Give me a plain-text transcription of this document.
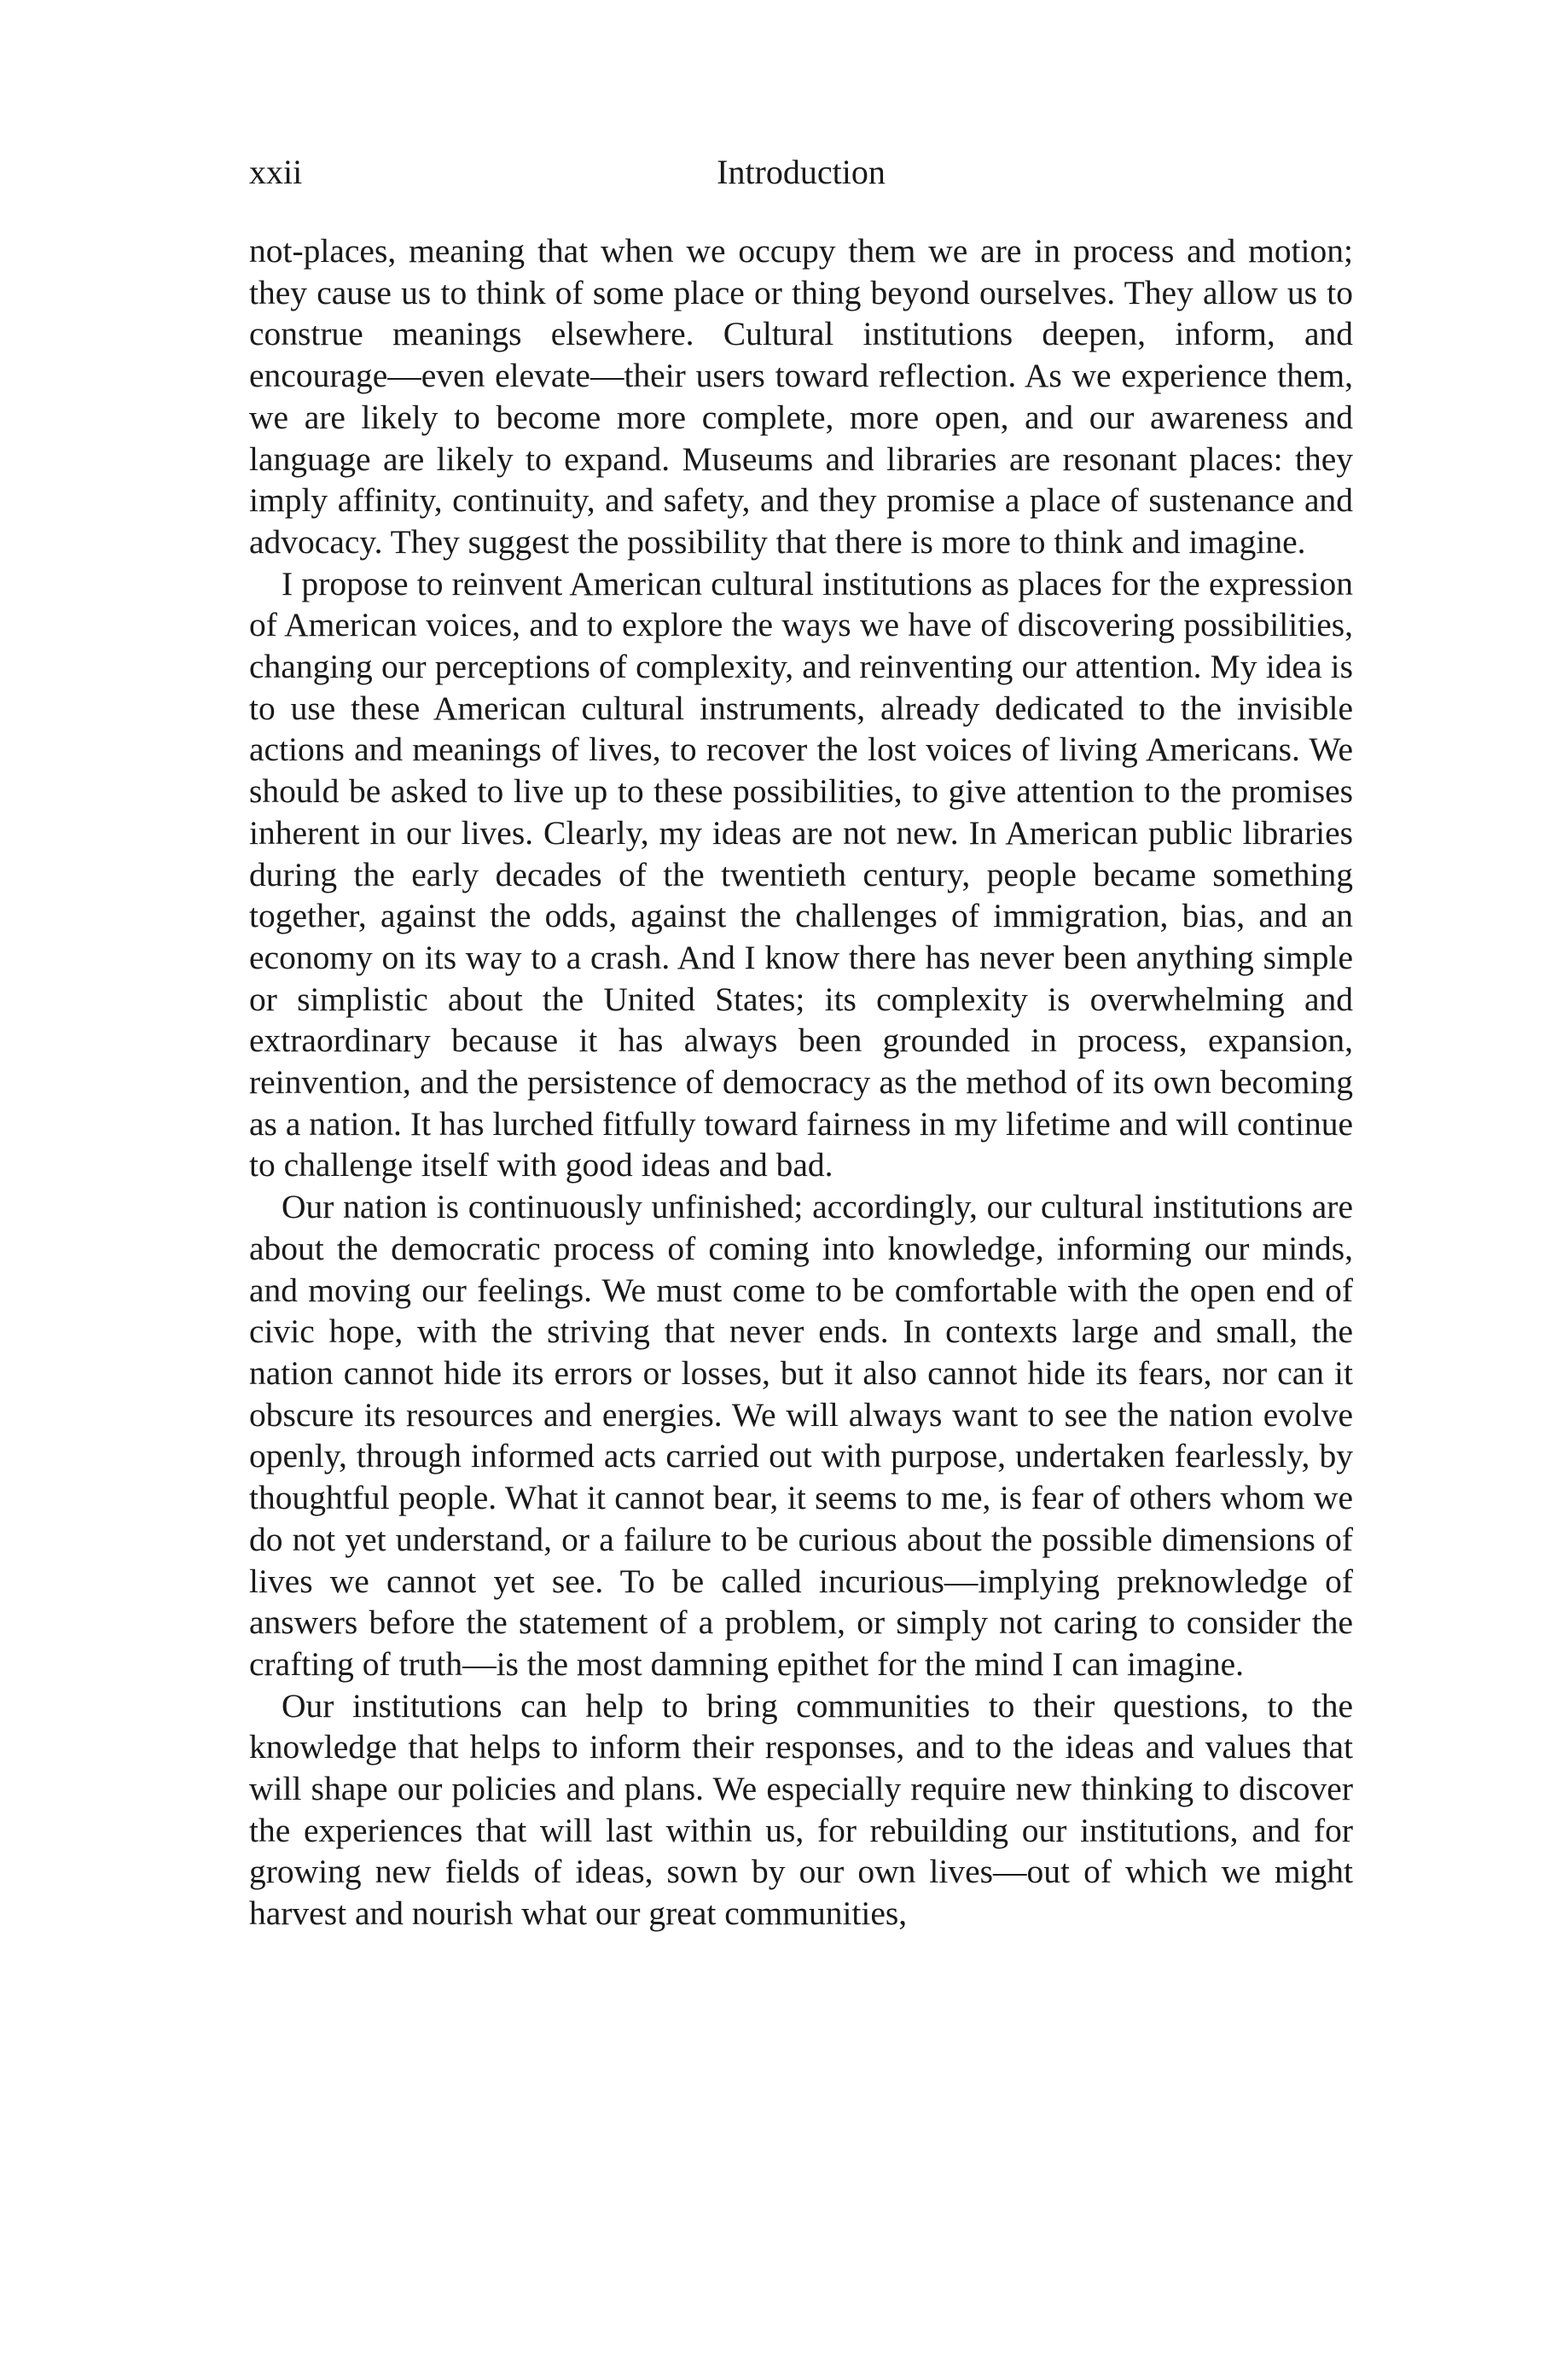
xxii	Introduction

not-places, meaning that when we occupy them we are in process and motion; they cause us to think of some place or thing beyond ourselves. They allow us to construe meanings elsewhere. Cultural institutions deepen, inform, and encourage—even elevate—their users toward reflection. As we experience them, we are likely to become more complete, more open, and our awareness and language are likely to expand. Museums and libraries are resonant places: they imply affinity, continuity, and safety, and they promise a place of sustenance and advocacy. They suggest the possibility that there is more to think and imagine.

I propose to reinvent American cultural institutions as places for the expression of American voices, and to explore the ways we have of discovering possibilities, changing our perceptions of complexity, and reinventing our attention. My idea is to use these American cultural instruments, already dedicated to the invisible actions and meanings of lives, to recover the lost voices of living Americans. We should be asked to live up to these possibilities, to give attention to the promises inherent in our lives. Clearly, my ideas are not new. In American public libraries during the early decades of the twentieth century, people became something together, against the odds, against the challenges of immigration, bias, and an economy on its way to a crash. And I know there has never been anything simple or simplistic about the United States; its complexity is overwhelming and extraordinary because it has always been grounded in process, expansion, reinvention, and the persistence of democracy as the method of its own becoming as a nation. It has lurched fitfully toward fairness in my lifetime and will continue to challenge itself with good ideas and bad.

Our nation is continuously unfinished; accordingly, our cultural institutions are about the democratic process of coming into knowledge, informing our minds, and moving our feelings. We must come to be comfortable with the open end of civic hope, with the striving that never ends. In contexts large and small, the nation cannot hide its errors or losses, but it also cannot hide its fears, nor can it obscure its resources and energies. We will always want to see the nation evolve openly, through informed acts carried out with purpose, undertaken fearlessly, by thoughtful people. What it cannot bear, it seems to me, is fear of others whom we do not yet understand, or a failure to be curious about the possible dimensions of lives we cannot yet see. To be called incurious—implying preknowledge of answers before the statement of a problem, or simply not caring to consider the crafting of truth—is the most damning epithet for the mind I can imagine.

Our institutions can help to bring communities to their questions, to the knowledge that helps to inform their responses, and to the ideas and values that will shape our policies and plans. We especially require new thinking to discover the experiences that will last within us, for rebuilding our institutions, and for growing new fields of ideas, sown by our own lives—out of which we might harvest and nourish what our great communities,
